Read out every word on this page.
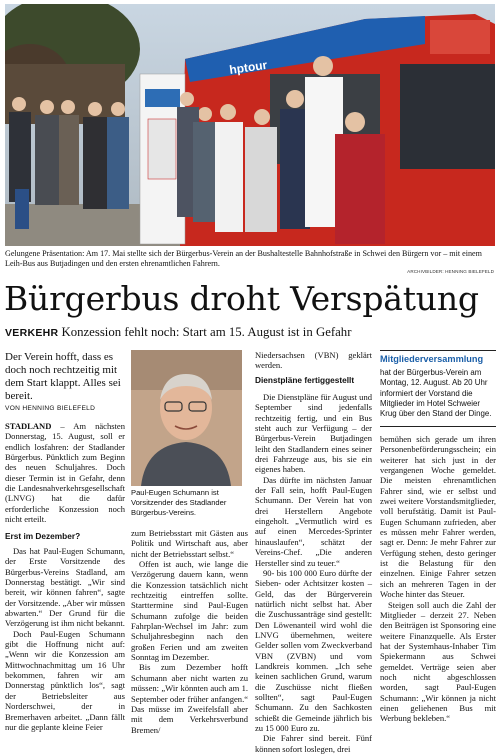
hptour
Gelungene Präsentation: Am 17. Mai stellte sich der Bürgerbus-Verein an der Bushaltestelle Bahnhofstraße in Schwei den Bürgern vor – mit einem Leih-Bus aus Butjadingen und den ersten ehrenamtlichen Fahrern.
ARCHIVBILDER: HENNING BIELEFELD
Bürgerbus droht Verspätung
VERKEHR Konzession fehlt noch: Start am 15. August ist in Gefahr
Der Verein hofft, dass es doch noch rechtzeitig mit dem Start klappt. Alles sei bereit.
VON HENNING BIELEFELD

STADLAND – Am nächsten Donnerstag, 15. August, soll er endlich losfahren: der Stadlander Bürgerbus. Pünktlich zum Beginn des neuen Schuljahres. Doch dieser Termin ist in Gefahr, denn die Landesnahverkehrsgesellschaft (LNVG) hat die dafür erforderliche Konzession noch nicht erteilt.

Erst im Dezember?

Das hat Paul-Eugen Schumann, der Erste Vorsitzende des Bürgerbus-Vereins Stadland, am Donnerstag bestätigt. „Wir sind bereit, wir können fahren“, sagte der Vorsitzende. „Aber wir müssen abwarten.“ Der Grund für die Verzögerung ist ihm nicht bekannt.

Doch Paul-Eugen Schumann gibt die Hoffnung nicht auf: „Wenn wir die Konzession am Mittwochnachmittag um 16 Uhr bekommen, fahren wir am Donnerstag pünktlich los“, sagt der Betriebsleiter aus Norderschwei, der in Bremerhaven arbeitet. „Dann fällt nur die geplante kleine Feier

Paul-Eugen Schumann ist Vorsitzender des Stadlander Bürgerbus-Vereins.

zum Betriebsstart mit Gästen aus Politik und Wirtschaft aus, aber nicht der Betriebsstart selbst.“

Offen ist auch, wie lange die Verzögerung dauern kann, wenn die Konzession tatsächlich nicht rechtzeitig eintreffen sollte. Starttermine sind Paul-Eugen Schumann zufolge die beiden Fahrplan-Wechsel im Jahr: zum Schuljahresbeginn nach den großen Ferien und am zweiten Sonntag im Dezember.

Bis zum Dezember hofft Schumann aber nicht warten zu müssen: „Wir könnten auch am 1. September oder früher anfangen.“ Das müsse im Zweifelsfall aber mit dem Verkehrsverbund Bremen/

Niedersachsen (VBN) geklärt werden.

Dienstpläne fertiggestellt

Die Dienstpläne für August und September sind jedenfalls rechtzeitig fertig, und ein Bus steht auch zur Verfügung – der Bürgerbus-Verein Butjadingen leiht den Stadlandern eines seiner drei Fahrzeuge aus, bis sie ein eigenes haben.

Das dürfte im nächsten Januar der Fall sein, hofft Paul-Eugen Schumann. Der Verein hat von drei Herstellern Angebote eingeholt. „Vermutlich wird es auf einen Mercedes-Sprinter hinauslaufen“, schätzt der Vereins-Chef. „Die anderen Hersteller sind zu teuer.“

90- bis 100 000 Euro dürfte der Sieben- oder Achtsitzer kosten – Geld, das der Bürgerverein natürlich nicht selbst hat. Aber die Zuschussanträge sind gestellt: Den Löwenanteil wird wohl die LNVG übernehmen, weitere Gelder sollen vom Zweckverband VBN (ZVBN) und vom Landkreis kommen. „Ich sehe keinen sachlichen Grund, warum die Zuschüsse nicht fließen sollten“, sagt Paul-Eugen Schumann. Zu den Sachkosten schießt die Gemeinde jährlich bis zu 15 000 Euro zu.

Die Fahrer sind bereit. Fünf können sofort loslegen, drei

Mitgliederversammlung
hat der Bürgerbus-Verein am Montag, 12. August. Ab 20 Uhr informiert der Vorstand die Mitglieder im Hotel Schweier Krug über den Stand der Dinge.

bemühen sich gerade um ihren Personenbeförderungsschein; ein weiterer hat sich just in der vergangenen Woche gemeldet. Die meisten ehrenamtlichen Fahrer sind, wie er selbst und zwei weitere Vorstandsmitglieder, voll berufstätig. Damit ist Paul-Eugen Schumann zufrieden, aber es müssen mehr Fahrer werden, sagt er. Denn: Je mehr Fahrer zur Verfügung stehen, desto geringer ist die Belastung für den einzelnen. Einige Fahrer setzen sich an mehreren Tagen in der Woche hinter das Steuer.

Steigen soll auch die Zahl der Mitglieder – derzeit 27. Neben den Beiträgen ist Sponsoring eine weitere Finanzquelle. Als Erster hat der Systemhaus-Inhaber Tim Spiekermann aus Schwei gemeldet. Verträge seien aber noch nicht abgeschlossen worden, sagt Paul-Eugen Schumann: „Wir können ja nicht einen geliehenen Bus mit Werbung bekleben.“
